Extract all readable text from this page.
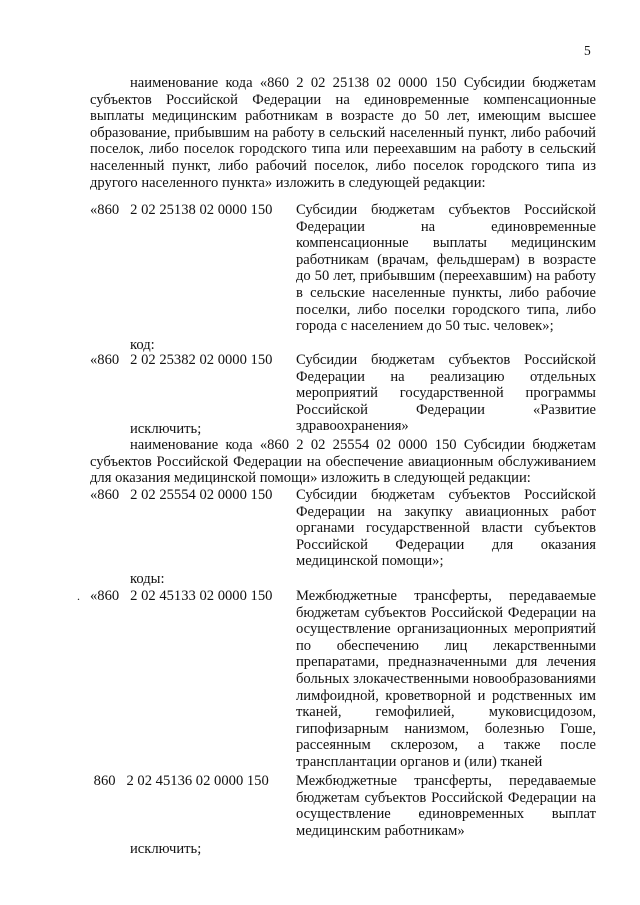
5

наименование кода «860 2 02 25138 02 0000 150 Субсидии бюджетам субъектов Российской Федерации на единовременные компенсационные выплаты медицинским работникам в возрасте до 50 лет, имеющим высшее образование, прибывшим на работу в сельский населенный пункт, либо рабочий поселок, либо поселок городского типа или переехавшим на работу в сельский населенный пункт, либо рабочий поселок, либо поселок городского типа из другого населенного пункта» изложить в следующей редакции:

«860   2 02 25138 02 0000 150 Субсидии бюджетам субъектов Российской Федерации на единовременные компенсационные выплаты медицинским работникам (врачам, фельдшерам) в возрасте до 50 лет, прибывшим (переехавшим) на работу в сельские населенные пункты, либо рабочие поселки, либо поселки городского типа, либо города с населением до 50 тыс. человек»;
код:
«860   2 02 25382 02 0000 150 Субсидии бюджетам субъектов Российской Федерации на реализацию отдельных мероприятий государственной программы Российской Федерации «Развитие здравоохранения»
исключить;

наименование кода «860 2 02 25554 02 0000 150 Субсидии бюджетам субъектов Российской Федерации на обеспечение авиационным обслуживанием для оказания медицинской помощи» изложить в следующей редакции:

«860   2 02 25554 02 0000 150 Субсидии бюджетам субъектов Российской Федерации на закупку авиационных работ органами государственной власти субъектов Российской Федерации для оказания медицинской помощи»;
коды:
. «860   2 02 45133 02 0000 150 Межбюджетные трансферты, передаваемые бюджетам субъектов Российской Федерации на осуществление организационных мероприятий по обеспечению лиц лекарственными препаратами, предназначенными для лечения больных злокачественными новообразованиями лимфоидной, кроветворной и родственных им тканей, гемофилией, муковисцидозом, гипофизарным нанизмом, болезнью Гоше, рассеянным склерозом, а также после трансплантации органов и (или) тканей
860   2 02 45136 02 0000 150 Межбюджетные трансферты, передаваемые бюджетам субъектов Российской Федерации на осуществление единовременных выплат медицинским работникам»
исключить;
